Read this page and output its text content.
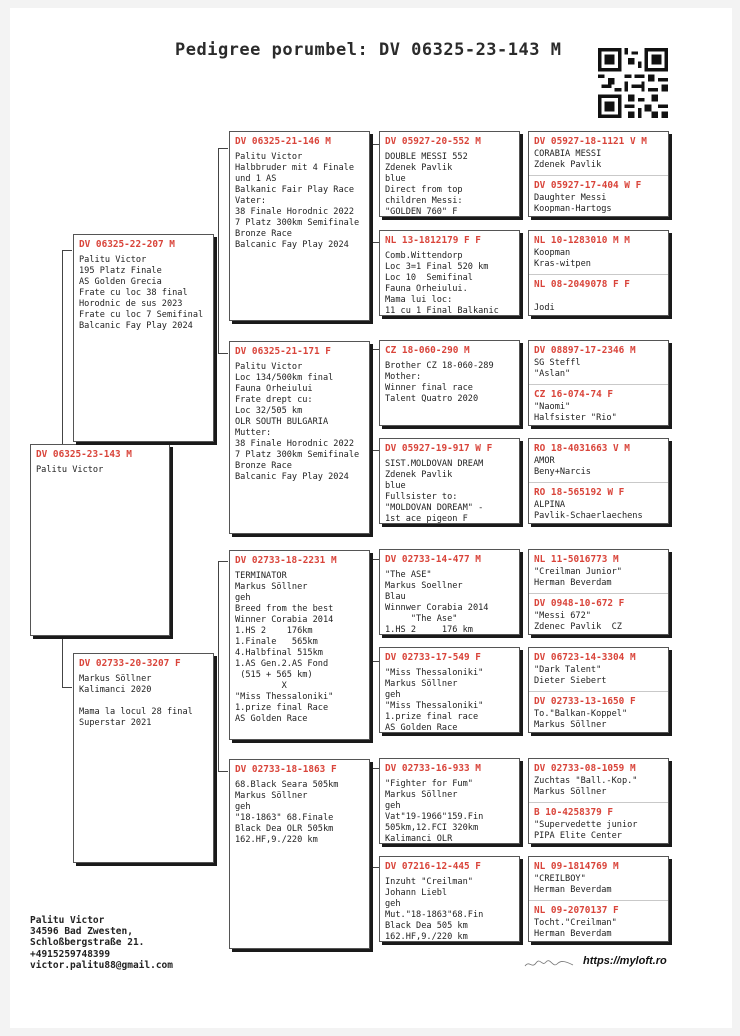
Pedigree porumbel: DV 06325-23-143 M
DV 06325-23-143 M
Palitu Victor
DV 06325-22-207 M
Palitu Victor
195 Platz Finale
AS Golden Grecia
Frate cu loc 38 final
Horodnic de sus 2023
Frate cu loc 7 Semifinal
Balcanic Fay Play 2024
DV 02733-20-3207 F
Markus Söllner
Kalimanci 2020

Mama la locul 28 final
Superstar 2021
DV 06325-21-146 M
Palitu Victor
Halbbruder mit 4 Finale
und 1 AS
Balkanic Fair Play Race
Vater:
38 Finale Horodnic 2022
7 Platz 300km Semifinale
Bronze Race
Balcanic Fay Play 2024
DV 06325-21-171 F
Palitu Victor
Loc 134/500km final
Fauna Orheiului
Frate drept cu:
Loc 32/505 km
OLR SOUTH BULGARIA
Mutter:
38 Finale Horodnic 2022
7 Platz 300km Semifinale
Bronze Race
Balcanic Fay Play 2024
DV 02733-18-2231 M
TERMINATOR
Markus Söllner
geh
Breed from the best
Winner Corabia 2014
1.HS 2    176km
1.Finale   565km
4.Halbfinal 515km
1.AS Gen.2.AS Fond
(515 + 565 km)
X
"Miss Thessaloniki"
1.prize final Race
AS Golden Race
DV 02733-18-1863 F
68.Black Seara 505km
Markus Söllner
geh
"18-1863" 68.Finale
Black Dea OLR 505km
162.HF,9./220 km
DV 05927-20-552 M
DOUBLE MESSI 552
Zdenek Pavlik
blue
Direct from top
children Messi:
"GOLDEN 760" F
NL 13-1812179 F F
Comb.Wittendorp
Loc 3=1 Final 520 km
Loc 10  Semifinal
Fauna Orheiului.
Mama lui loc:
11 cu 1 Final Balkanic
CZ 18-060-290 M
Brother CZ 18-060-289
Mother:
Winner final race
Talent Quatro 2020
DV 05927-19-917 W F
SIST.MOLDOVAN DREAM
Zdenek Pavlik
blue
Fullsister to:
"MOLDOVAN DOREAM" -
1st ace pigeon F
DV 02733-14-477 M
"The ASE"
Markus Soellner
Blau
Winnwer Corabia 2014
"The Ase"
1.HS 2     176 km
DV 02733-17-549 F
"Miss Thessaloniki"
Markus Söllner
geh
"Miss Thessaloniki"
1.prize final race
AS Golden Race
DV 02733-16-933 M
"Fighter for Fum"
Markus Söllner
geh
Vat"19-1966"159.Fin
505km,12.FCI 320km
Kalimanci OLR
DV 07216-12-445 F
Inzuht "Creilman"
Johann Liebl
geh
Mut."18-1863"68.Fin
Black Dea 505 km
162.HF,9./220 km
DV 05927-18-1121 V M
CORABIA MESSI
Zdenek Pavlik
DV 05927-17-404 W F
Daughter Messi
Koopman-Hartogs
NL 10-1283010 M M
Koopman
Kras-witpen
NL 08-2049078 F F

Jodi
DV 08897-17-2346 M
SG Steffl
"Aslan"
CZ 16-074-74 F
"Naomi"
Halfsister "Rio"
RO 18-4031663 V M
AMOR
Beny+Narcis
RO 18-565192 W F
ALPINA
Pavlik-Schaerlaechens
NL 11-5016773 M
"Creilman Junior"
Herman Beverdam
DV 0948-10-672 F
"Messi 672"
Zdenec Pavlik  CZ
DV 06723-14-3304 M
"Dark Talent"
Dieter Siebert
DV 02733-13-1650 F
To."Balkan-Koppel"
Markus Söllner
DV 02733-08-1059 M
Zuchtas "Ball.-Kop."
Markus Söllner
B 10-4258379 F
"Supervedette junior
PIPA Elite Center
NL 09-1814769 M
"CREILBOY"
Herman Beverdam
NL 09-2070137 F
Tocht."Creilman"
Herman Beverdam
Palitu Victor
34596 Bad Zwesten,
Schloßbergstraße 21.
+4915259748399
victor.palitu88@gmail.com	https://myloft.ro
